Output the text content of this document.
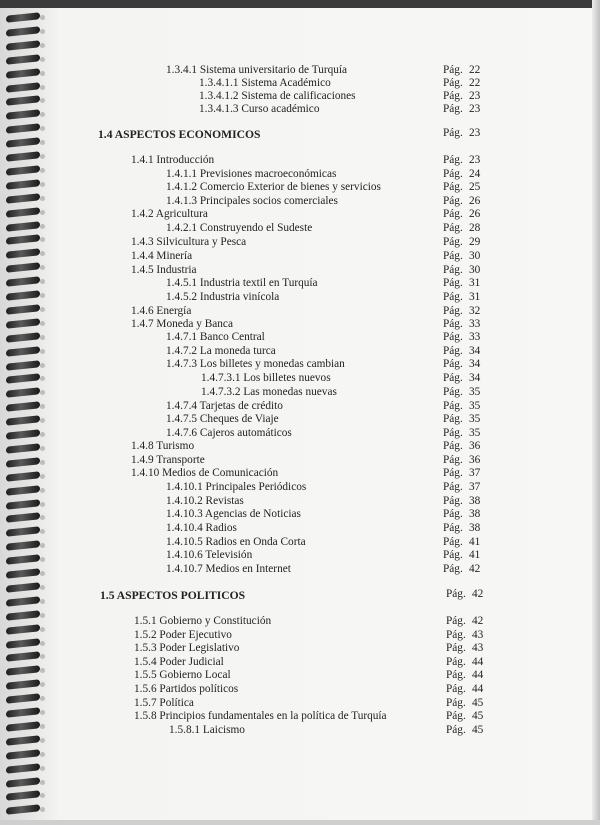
1.3.4.1 Sistema universitario de Turquía	Pág. 22
1.3.4.1.1 Sistema Académico	Pág. 22
1.3.4.1.2 Sistema de calificaciones	Pág. 23
1.3.4.1.3 Curso académico	Pág. 23
1.4 ASPECTOS ECONOMICOS	Pág. 23
1.4.1 Introducción	Pág. 23
1.4.1.1 Previsiones macroeconómicas	Pág. 24
1.4.1.2 Comercio Exterior de bienes y servicios	Pág. 25
1.4.1.3 Principales socios comerciales	Pág. 26
1.4.2 Agricultura	Pág. 26
1.4.2.1 Construyendo el Sudeste	Pág. 28
1.4.3 Silvicultura y Pesca	Pág. 29
1.4.4 Minería	Pág. 30
1.4.5 Industria	Pág. 30
1.4.5.1 Industria textil en Turquía	Pág. 31
1.4.5.2 Industria vinícola	Pág. 31
1.4.6 Energía	Pág. 32
1.4.7 Moneda y Banca	Pág. 33
1.4.7.1 Banco Central	Pág. 33
1.4.7.2 La moneda turca	Pág. 34
1.4.7.3 Los billetes y monedas cambian	Pág. 34
1.4.7.3.1 Los billetes nuevos	Pág. 34
1.4.7.3.2 Las monedas nuevas	Pág. 35
1.4.7.4 Tarjetas de crédito	Pág. 35
1.4.7.5 Cheques de Viaje	Pág. 35
1.4.7.6 Cajeros automáticos	Pág. 35
1.4.8 Turismo	Pág. 36
1.4.9 Transporte	Pág. 36
1.4.10 Medios de Comunicación	Pág. 37
1.4.10.1 Principales Periódicos	Pág. 37
1.4.10.2 Revistas	Pág. 38
1.4.10.3 Agencias de Noticias	Pág. 38
1.4.10.4 Radios	Pág. 38
1.4.10.5 Radios en Onda Corta	Pág. 41
1.4.10.6 Televisión	Pág. 41
1.4.10.7 Medios en Internet	Pág. 42
1.5 ASPECTOS POLITICOS	Pág. 42
1.5.1 Gobierno y Constitución	Pág. 42
1.5.2 Poder Ejecutivo	Pág. 43
1.5.3 Poder Legislativo	Pág. 43
1.5.4 Poder Judicial	Pág. 44
1.5.5 Gobierno Local	Pág. 44
1.5.6 Partidos políticos	Pág. 44
1.5.7 Política	Pág. 45
1.5.8 Principios fundamentales en la política de Turquía	Pág. 45
1.5.8.1 Laicismo	Pág. 45
